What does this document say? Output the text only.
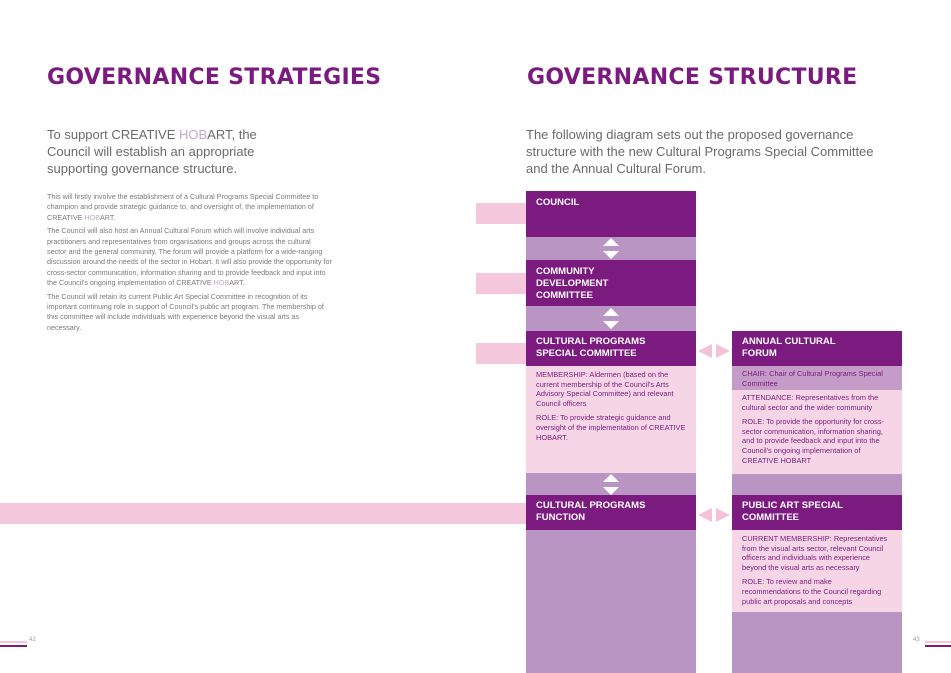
GOVERNANCE STRATEGIES
To support CREATIVE HOBART, the Council will establish an appropriate supporting governance structure.

This will firstly involve the establishment of a Cultural Programs Special Committee to champion and provide strategic guidance to, and oversight of, the implementation of CREATIVE HOBART.

The Council will also host an Annual Cultural Forum which will involve individual arts practitioners and representatives from organisations and groups across the cultural sector and the general community. The forum will provide a platform for a wide-ranging discussion around the needs of the sector in Hobart. It will also provide the opportunity for cross-sector communication, information sharing and to provide feedback and input into the Council's ongoing implementation of CREATIVE HOBART.

The Council will retain its current Public Art Special Committee in recognition of its important continuing role in support of Council's public art program. The membership of this committee will include individuals with experience beyond the visual arts as necessary.

42
GOVERNANCE STRUCTURE
The following diagram sets out the proposed governance structure with the new Cultural Programs Special Committee and the Annual Cultural Forum.
COUNCIL
COMMUNITY DEVELOPMENT COMMITTEE
CULTURAL PROGRAMS SPECIAL COMMITTEE

MEMBERSHIP: Aldermen (based on the current membership of the Council's Arts Advisory Special Committee) and relevant Council officers

ROLE: To provide strategic guidance and oversight of the implementation of CREATIVE HOBART.

CULTURAL PROGRAMS FUNCTION
ANNUAL CULTURAL FORUM
CHAIR: Chair of Cultural Programs Special Committee

ATTENDANCE: Representatives from the cultural sector and the wider community

ROLE: To provide the opportunity for cross-sector communication, information sharing, and to provide feedback and input into the Council's ongoing implementation of CREATIVE HOBART

PUBLIC ART SPECIAL COMMITTEE

CURRENT MEMBERSHIP: Representatives from the visual arts sector, relevant Council officers and individuals with experience beyond the visual arts as necessary

ROLE: To review and make recommendations to the Council regarding public art proposals and concepts

43
